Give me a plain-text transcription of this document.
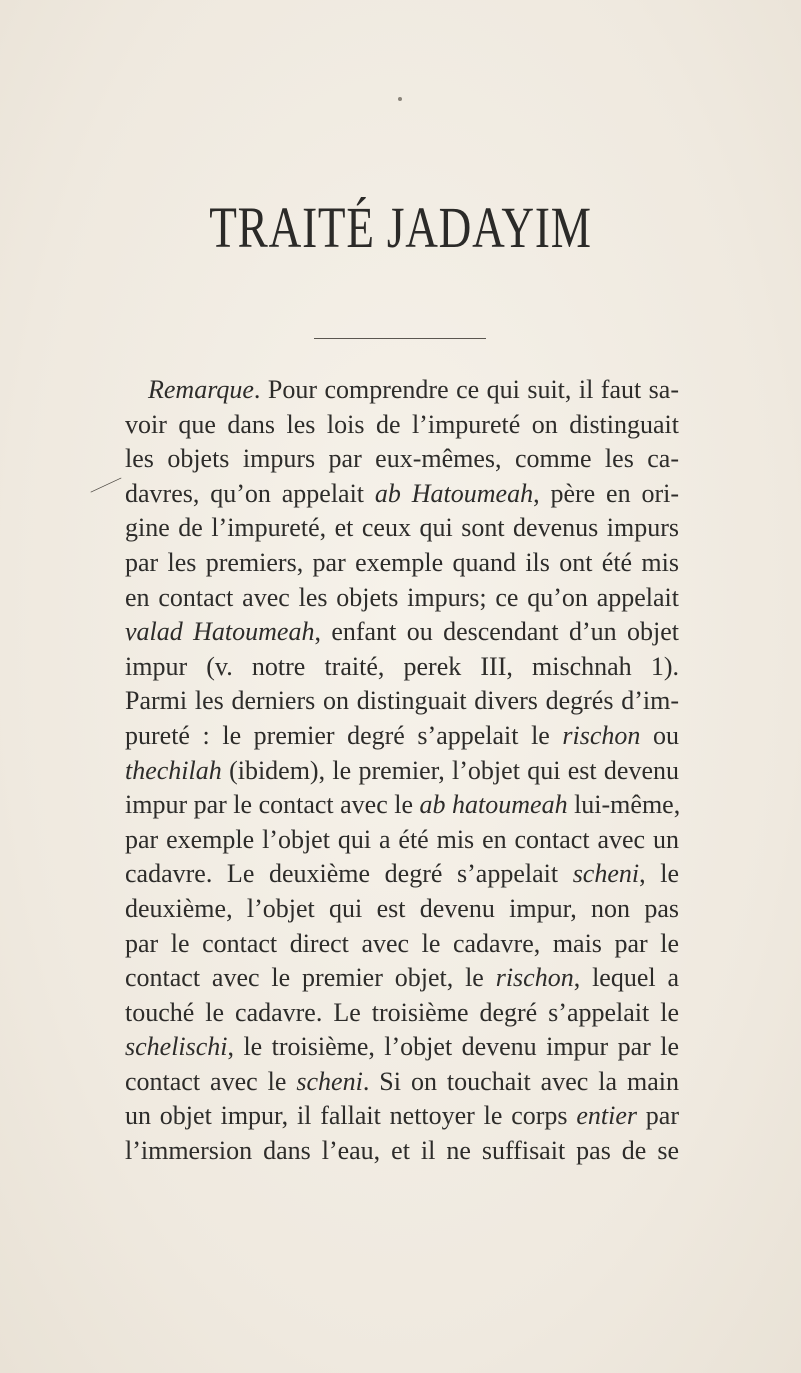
TRAITÉ JADAYIM
⸻
Remarque. Pour comprendre ce qui suit, il faut sa-
voir que dans les lois de l’impureté on distinguait
les objets impurs par eux-mêmes, comme les ca-
davres, qu’on appelait ab Hatoumeah, père en ori-
gine de l’impureté, et ceux qui sont devenus impurs
par les premiers, par exemple quand ils ont été mis
en contact avec les objets impurs; ce qu’on appelait
valad Hatoumeah, enfant ou descendant d’un objet
impur (v. notre traité, perek III, mischnah 1).
Parmi les derniers on distinguait divers degrés d’im-
pureté : le premier degré s’appelait le rischon ou
thechilah (ibidem), le premier, l’objet qui est devenu
impur par le contact avec le ab hatoumeah lui-même,
par exemple l’objet qui a été mis en contact avec un
cadavre. Le deuxième degré s’appelait scheni, le
deuxième, l’objet qui est devenu impur, non pas
par le contact direct avec le cadavre, mais par le
contact avec le premier objet, le rischon, lequel a
touché le cadavre. Le troisième degré s’appelait le
schelischi, le troisième, l’objet devenu impur par le
contact avec le scheni. Si on touchait avec la main
un objet impur, il fallait nettoyer le corps entier par
l’immersion dans l’eau, et il ne suffisait pas de se
